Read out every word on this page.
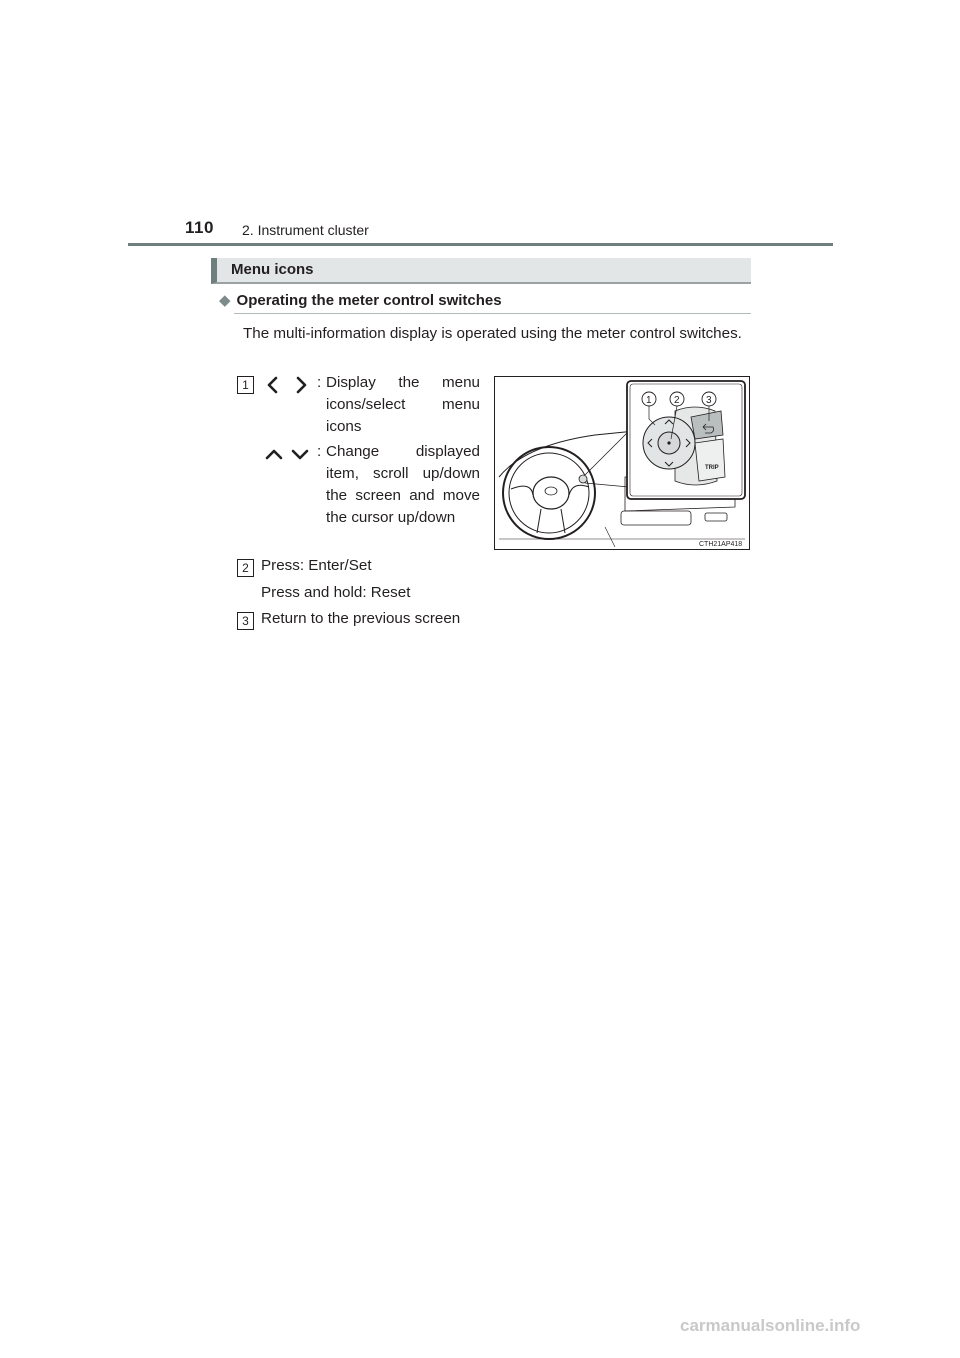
110 2. Instrument cluster
Menu icons
◆ Operating the meter control switches
The multi-information display is operated using the meter control switches.
1	: Display the menu icons/select menu icons
: Change displayed item, scroll up/down the screen and move the cursor up/down
2 Press: Enter/Set
Press and hold: Reset
3 Return to the previous screen
TRIP
1 2	3
CTH21AP418
carmanualsonline.info
